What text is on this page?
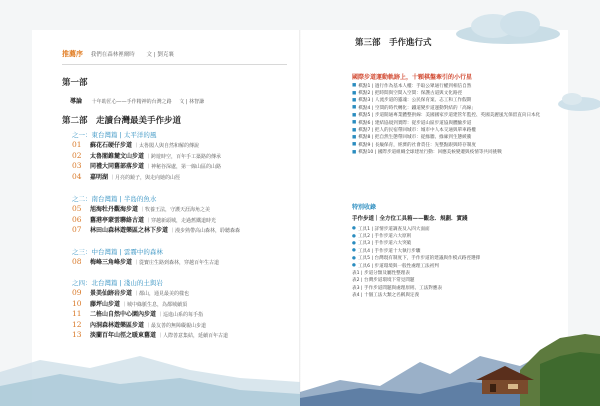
推薦序 我們在森林裡爾時 文 | 劉克襄
第一部
導論 十年助匠心——手作精神的台灣之路 文 | 林智謙
第二部　走讀台灣最美手作步道
之一：東台灣篇 | 太平洋的風
01	蘇花石硬仔步道 ｜ 太魯閣人與自然和解的傳說
02	太魯閣錐麓文山步道 ｜ 跨遊時空，百年手工築路的傳承
03	同禮大同舊部落步道 ｜ 神秘谷深處，第一線山區的山路
04	嘉明湖 ｜ 月亮的鏡子，與走向她的山徑
之二：南台灣篇 | 半島的魚水
05	旭海牡丹觀海步道 ｜ 牧養王法，守護天涯海角之美
06	舊港亭蒙雲聯絡古道 ｜ 穿越新頭城，走過舊鐵道時光
07	林田山森林遊樂區之林下步道 ｜ 漫步熟帶高山森林，聆聽森森
之三：中台灣篇 | 雲霧中的森林
08	梅峰三角峰步道 ｜ 從寶庄生路到森林，穿越百年生古道
之四：北台灣篇 | 淺山的土與岩
09	景美仙跡岩步道 ｜ 都山，通見最美的樣也
10	藤坪山步道 ｜ 城中綠脈生息，為都城續頂
11	二格山自然中心園內步道 ｜ 巡進山系的每手指
12	內洞森林遊樂區步道 ｜ 最友善的無障礙親山步道
13	淡蘭百年山徑之暖東舊道 ｜ 人際善意集結，延續百年古道
第三部　手作進行式
國際步道運動軌跡上，十顆棋盤牽引的小行星
■ 棋點1 | 過行作為基本人權：手取公眾通行權到相信自然
■ 棋點2 | 把時間與空間入空間：保護古道與文化路徑
■ 棋點3 | 人流步道的靈魂：公民保育案、志工和工作假期
■ 棋點4 | 空間的時代轉化：鐵道變步道運動對結的「高線」
■ 棋點5 | 步道開通專業體整供線：美國國家步道建管年監控、英國美麗風光保留直向日本化
■ 棋點6 | 建結協規到實際：從步道山區步道協與體驗步道
■ 棋點7 | 把人的民宿帶回城市：城市中人本交通與單車路權
■ 棋點8 | 把自然生態帶回城市：從綠牆、綠廊到生態緩衝
■ 棋點9 | 長級保育，經濟的社會責任：先整點跟與時存制度
■ 棋點10 | 國際步道組織全球建址行動：回應美候變遷與疫情等共同挑戰
特別收錄
手作步道｜全方位工具箱——觀念．規劃．實踐
● 工具1 | 詳情步道調查及入四大面面
● 工具2 | 手作步道六大原則
● 工具3 | 手作步道六大突破
● 工具4 | 手作步道十大執行步驟
● 工具5 | 台灣現有制度下，手作步道的建議與作模式路徑選擇
● 工具6 | 步道環境與一般性處理工法初判
表1 | 步道分類及屬性整理表
表2 | 台灣步道環境下常見問題
表3 | 手作步道問題與處理原則、工法對應表
表4 | 十個工法大類之名稱與定義
